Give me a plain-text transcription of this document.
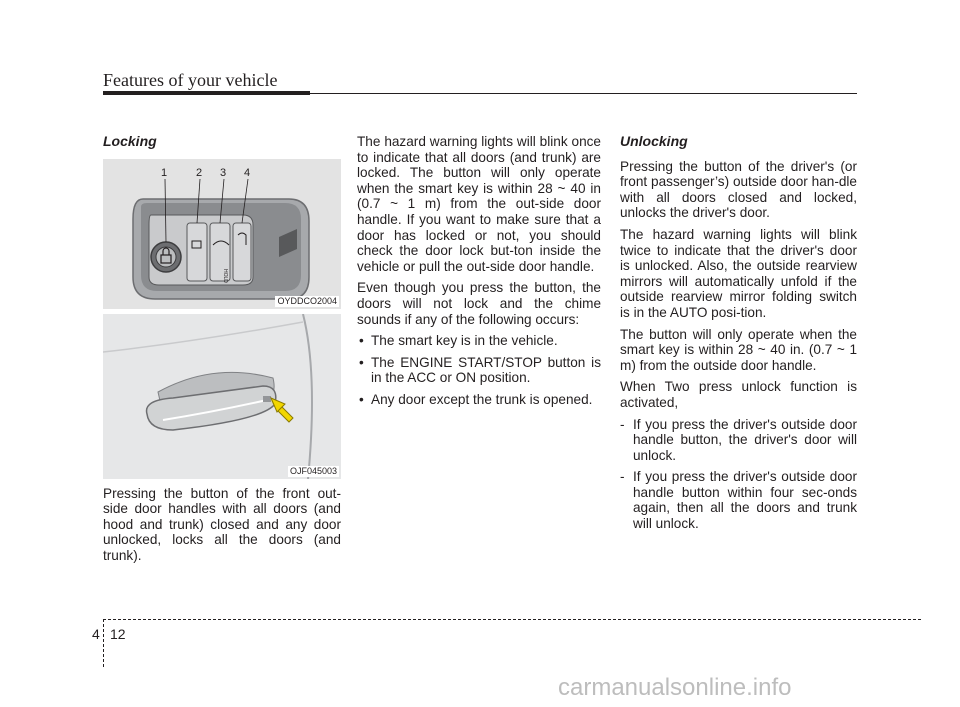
Features of your vehicle
Locking
1	2 3 4
HOLD
OYDDCO2004
OJF045003

Pressing the button of the front out-side door handles with all doors (and hood and trunk) closed and any door unlocked, locks all the doors (and trunk).

The hazard warning lights will blink once to indicate that all doors (and trunk) are locked. The button will only operate when the smart key is within 28 ~ 40 in (0.7 ~ 1 m) from the out-side door handle. If you want to make sure that a door has locked or not, you should check the door lock but-ton inside the vehicle or pull the out-side door handle.

Even though you press the button, the doors will not lock and the chime sounds if any of the following occurs:

• The smart key is in the vehicle.
• The ENGINE START/STOP button is in the ACC or ON position.
• Any door except the trunk is opened.
Unlocking

Pressing the button of the driver's (or front passenger’s) outside door han-dle with all doors closed and locked, unlocks the driver's door.

The hazard warning lights will blink twice to indicate that the driver's door is unlocked. Also, the outside rearview mirrors will automatically unfold if the outside rearview mirror folding switch is in the AUTO posi-tion.

The button will only operate when the smart key is within 28 ~ 40 in. (0.7 ~ 1 m) from the outside door handle.

When Two press unlock function is activated,

- If you press the driver's outside door handle button, the driver's door will unlock.
- If you press the driver's outside door handle button within four sec-onds again, then all the doors and trunk will unlock.
4 12
carmanualsonline.info
